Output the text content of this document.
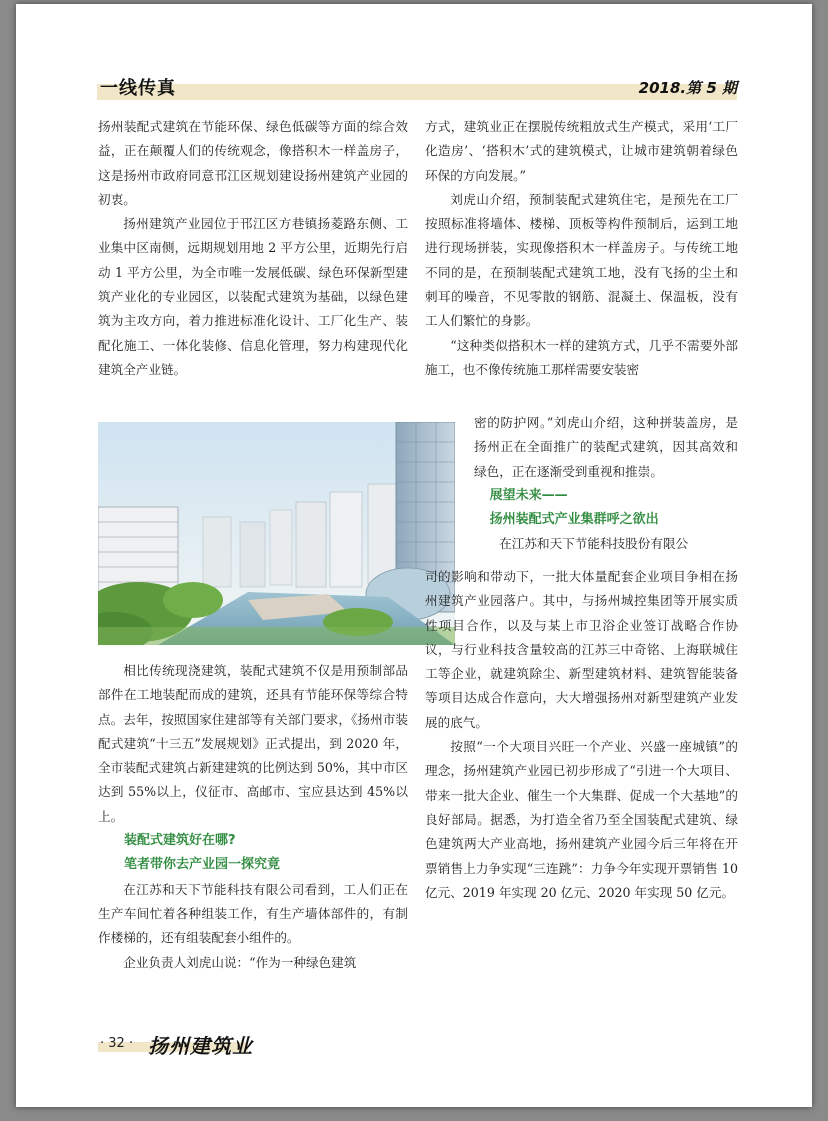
一线传真	2018.第 5 期

扬州装配式建筑在节能环保、绿色低碳等方面的综合效益，正在颠覆人们的传统观念，像搭积木一样盖房子，这是扬州市政府同意邗江区规划建设扬州建筑产业园的初衷。

扬州建筑产业园位于邗江区方巷镇扬菱路东侧、工业集中区南侧，远期规划用地 2 平方公里，近期先行启动 1 平方公里，为全市唯一发展低碳、绿色环保新型建筑产业化的专业园区，以装配式建筑为基础，以绿色建筑为主攻方向，着力推进标准化设计、工厂化生产、装配化施工、一体化装修、信息化管理，努力构建现代化建筑全产业链。

相比传统现浇建筑，装配式建筑不仅是用预制部品部件在工地装配而成的建筑，还具有节能环保等综合特点。去年，按照国家住建部等有关部门要求，《扬州市装配式建筑“十三五”发展规划》正式提出，到 2020 年，全市装配式建筑占新建建筑的比例达到 50%，其中市区达到 55%以上，仪征市、高邮市、宝应县达到 45%以上。

装配式建筑好在哪?

笔者带你去产业园一探究竟

在江苏和天下节能科技有限公司看到，工人们正在生产车间忙着各种组装工作，有生产墙体部件的，有制作楼梯的，还有组装配套小组件的。

企业负责人刘虎山说：“作为一种绿色建筑

方式，建筑业正在摆脱传统粗放式生产模式，采用‘工厂化造房’、‘搭积木’式的建筑模式，让城市建筑朝着绿色环保的方向发展。”

刘虎山介绍，预制装配式建筑住宅，是预先在工厂按照标准将墙体、楼梯、顶板等构件预制后，运到工地进行现场拼装，实现像搭积木一样盖房子。与传统工地不同的是，在预制装配式建筑工地，没有飞扬的尘土和刺耳的噪音，不见零散的钢筋、混凝土、保温板，没有工人们繁忙的身影。

“这种类似搭积木一样的建筑方式，几乎不需要外部施工，也不像传统施工那样需要安装密

密的防护网。”刘虎山介绍，这种拼装盖房，是扬州正在全面推广的装配式建筑，因其高效和绿色，正在逐渐受到重视和推崇。

展望未来——

扬州装配式产业集群呼之欲出

在江苏和天下节能科技股份有限公

司的影响和带动下，一批大体量配套企业项目争相在扬州建筑产业园落户。其中，与扬州城控集团等开展实质性项目合作，以及与某上市卫浴企业签订战略合作协议，与行业科技含量较高的江苏三中奇铭、上海联城住工等企业，就建筑除尘、新型建筑材料、建筑智能装备等项目达成合作意向，大大增强扬州对新型建筑产业发展的底气。

按照“一个大项目兴旺一个产业、兴盛一座城镇”的理念，扬州建筑产业园已初步形成了“引进一个大项目、带来一批大企业、催生一个大集群、促成一个大基地”的良好部局。据悉，为打造全省乃至全国装配式建筑、绿色建筑两大产业高地，扬州建筑产业园今后三年将在开票销售上力争实现“三连跳”：力争今年实现开票销售 10 亿元、2019 年实现 20 亿元、2020 年实现 50 亿元。

· 32 · 扬州建筑业
